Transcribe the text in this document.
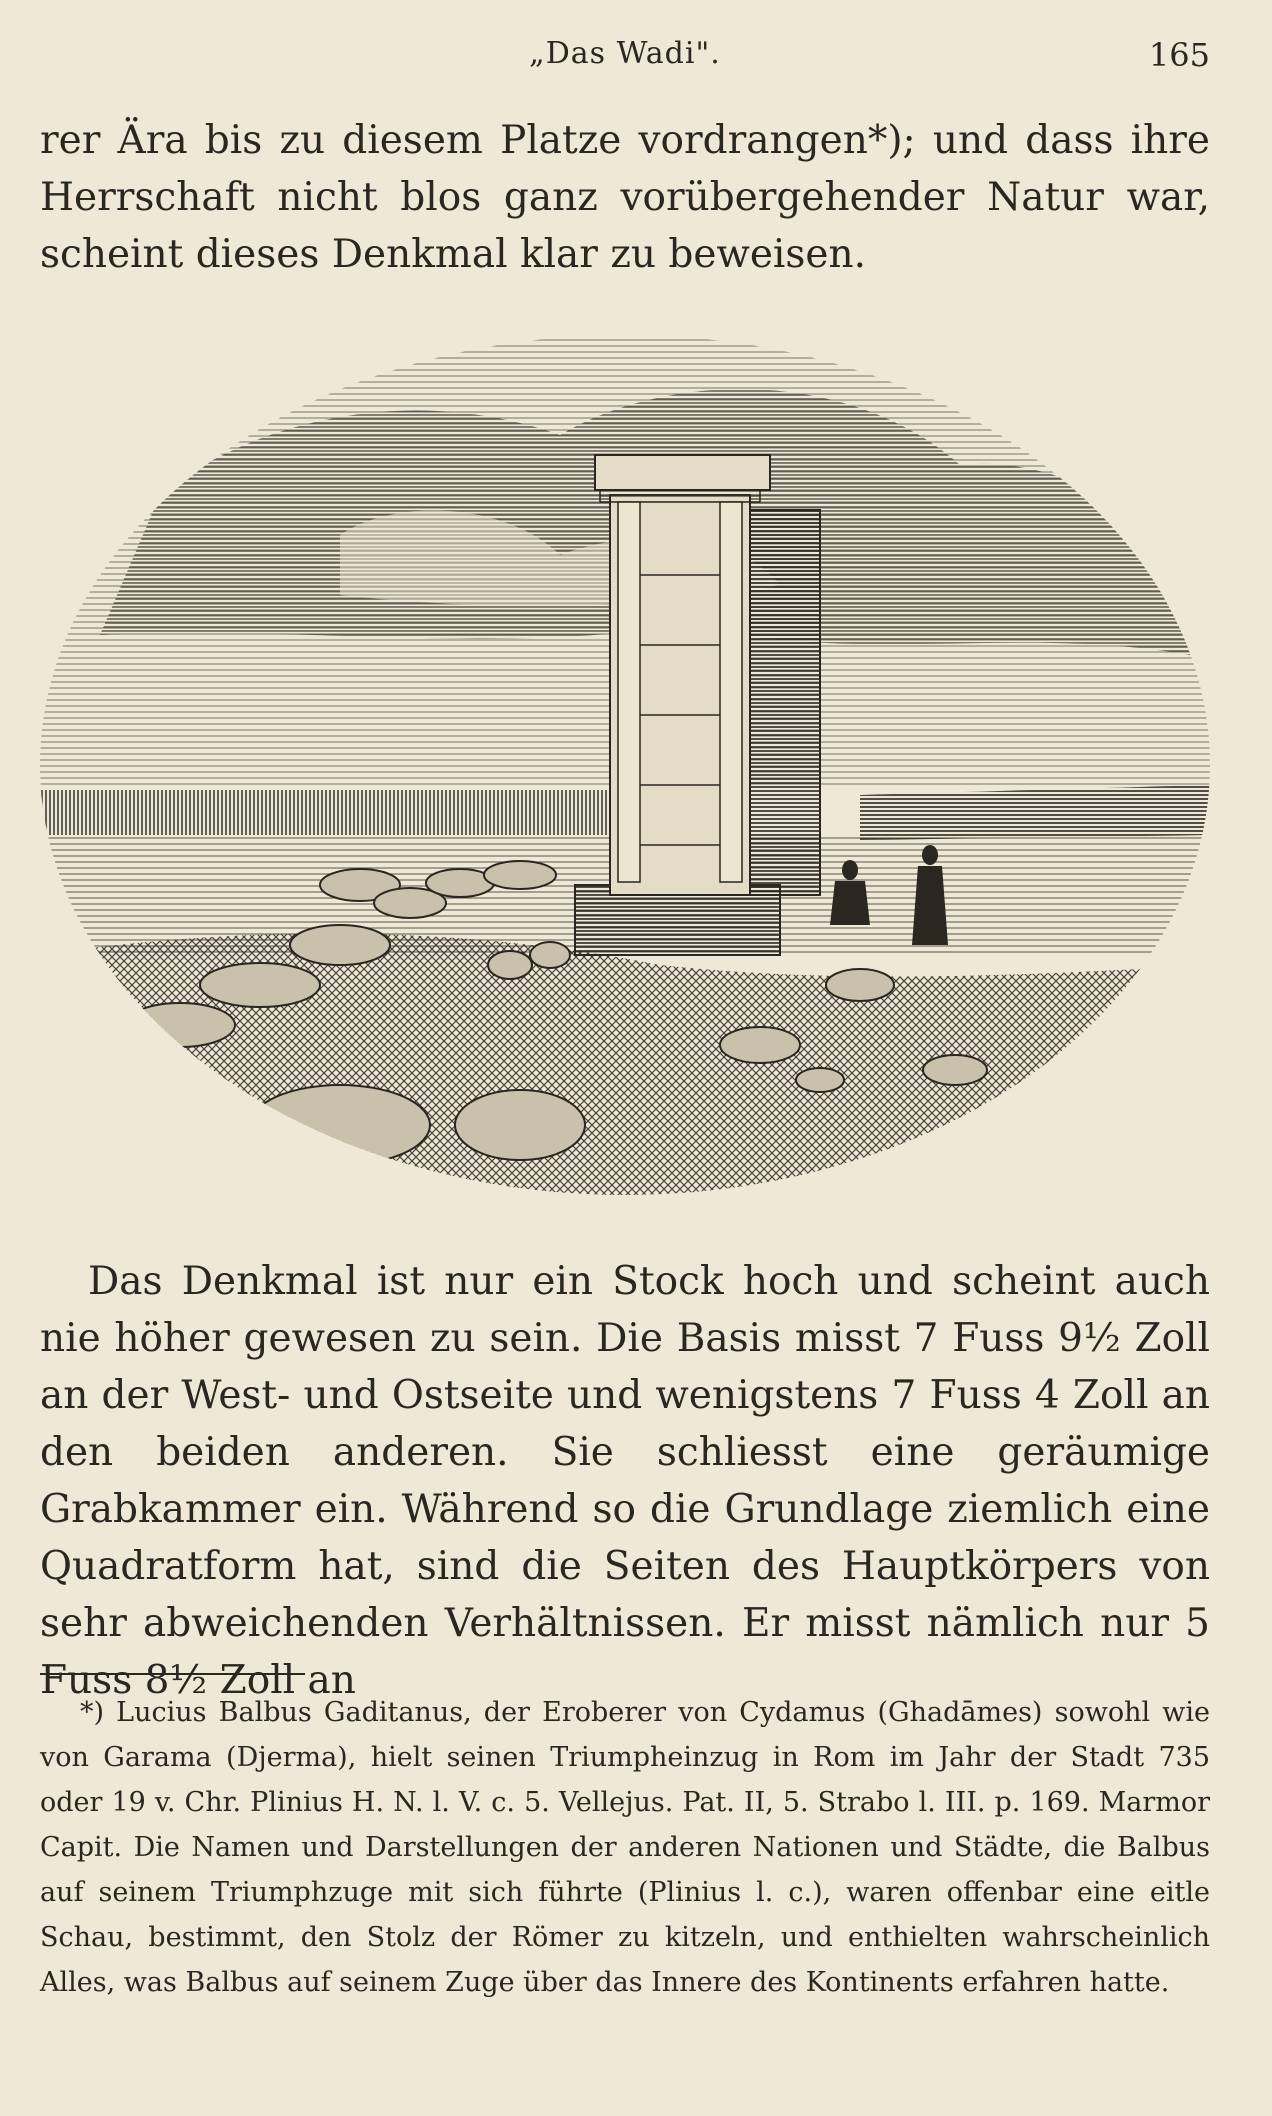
„Das Wadi".	165

rer Ära bis zu diesem Platze vordrangen*); und dass ihre Herrschaft nicht blos ganz vorübergehender Natur war, scheint dieses Denkmal klar zu beweisen.

Das Denkmal ist nur ein Stock hoch und scheint auch nie höher gewesen zu sein. Die Basis misst 7 Fuss 9½ Zoll an der West- und Ostseite und wenigstens 7 Fuss 4 Zoll an den beiden anderen. Sie schliesst eine geräumige Grabkammer ein. Während so die Grundlage ziemlich eine Quadratform hat, sind die Seiten des Hauptkörpers von sehr abweichenden Verhältnissen. Er misst nämlich nur 5 Fuss 8½ Zoll an

*) Lucius Balbus Gaditanus, der Eroberer von Cydamus (Ghadāmes) sowohl wie von Garama (Djerma), hielt seinen Triumpheinzug in Rom im Jahr der Stadt 735 oder 19 v. Chr. Plinius H. N. l. V. c. 5. Vellejus. Pat. II, 5. Strabo l. III. p. 169. Marmor Capit. Die Namen und Darstellungen der anderen Nationen und Städte, die Balbus auf seinem Triumphzuge mit sich führte (Plinius l. c.), waren offenbar eine eitle Schau, bestimmt, den Stolz der Römer zu kitzeln, und enthielten wahrscheinlich Alles, was Balbus auf seinem Zuge über das Innere des Kontinents erfahren hatte.
